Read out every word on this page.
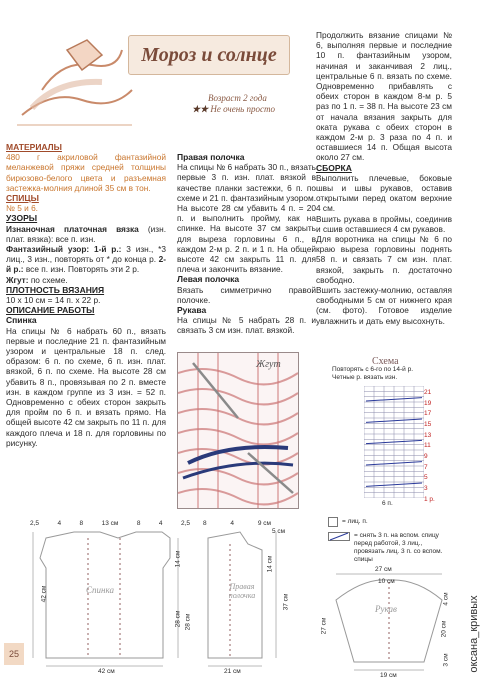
Мороз и солнце
Возраст 2 года
★★ Не очень просто

МАТЕРИАЛЫ

480 г акриловой фантазийной меланжевой пряжи средней толщины бирюзово-белого цвета и разъемная застежка-молния длиной 35 см в тон.

СПИЦЫ

№ 5 и 6.

УЗОРЫ

Изнаночная платочная вязка (изн. плат. вязка): все п. изн.

Фантазийный узор: 1-й р.: 3 изн., *3 лиц., 3 изн., повторять от * до конца р. 2-й р.: все п. изн. Повторять эти 2 р.

Жгут: по схеме.

ПЛОТНОСТЬ ВЯЗАНИЯ

10 х 10 см = 14 п. х 22 р.

ОПИСАНИЕ РАБОТЫ

Спинка

На спицы № 6 набрать 60 п., вязать первые и последние 21 п. фантазийным узором и центральные 18 п. след. образом: 6 п. по схеме, 6 п. изн. плат. вязкой, 6 п. по схеме. На высоте 28 см убавить 8 п., провязывая по 2 п. вместе изн. в каждом группе из 3 изн. = 52 п. Одновременно с обеих сторон закрыть для пройм по 6 п. и вязать прямо. На общей высоте 42 см закрыть по 11 п. для каждого плеча и 18 п. для горловины по рисунку.

Правая полочка

На спицы № 6 набрать 30 п., вязать первые 3 п. изн. плат. вязкой в качестве планки застежки, 6 п. по схеме и 21 п. фантазийным узором. На высоте 28 см убавить 4 п. = 20 п. и выполнить пройму, как на спинке. На высоте 37 см закрыть для выреза горловины 6 п., в каждом 2-м р. 2 п. и 1 п. На общей высоте 42 см закрыть 11 п. для плеча и закончить вязание.

Левая полочка

Вязать симметрично правой полочке.

Рукава

На спицы № 5 набрать 28 п. и связать 3 см изн. плат. вязкой.

Продолжить вязание спицами № 6, выполняя первые и последние 10 п. фантазийным узором, начиная и заканчивая 2 лиц., центральные 6 п. вязать по схеме. Одновременно прибавлять с обеих сторон в каждом 8-м р. 5 раз по 1 п. = 38 п. На высоте 23 см от начала вязания закрыть для оката рукава с обеих сторон в каждом 2-м р. 3 раза по 4 п. и оставшиеся 14 п. Общая высота около 27 см.

СБОРКА

Выполнить плечевые, боковые швы и швы рукавов, оставив открытыми перед окатом верхние 4 см.

Вшить рукава в проймы, соединив и сшив оставшиеся 4 см рукавов.

Для воротника на спицы № 6 по краю выреза горловины поднять 58 п. и связать 7 см изн. плат. вязкой, закрыть п. достаточно свободно.

Вшить застежку-молнию, оставляя свободными 5 см от нижнего края (см. фото). Готовое изделие увлажнить и дать ему высохнуть.

Жгут	Схема
Повторять с 6-го по 14-й р.
Четные р. вязать изн.
21
19
17
15
13
11
9
7
5
3
1 р.
6 п.
= лиц. п.
= снять 3 п. на вспом. спицу перед работой, 3 лиц., провязать лиц. 3 п. со вспом. спицы
2,5	4	8	13 см	8	4	2,5
42 см
14 см
28 см
Спинка
42 см
8	4	9 см
5 см
14 см
28 см
37 см
Правая полочка
21 см
27 см
10 см
27 см
4 см
20 см
3 см
Рукав
19 см
25	оксана_кривых
